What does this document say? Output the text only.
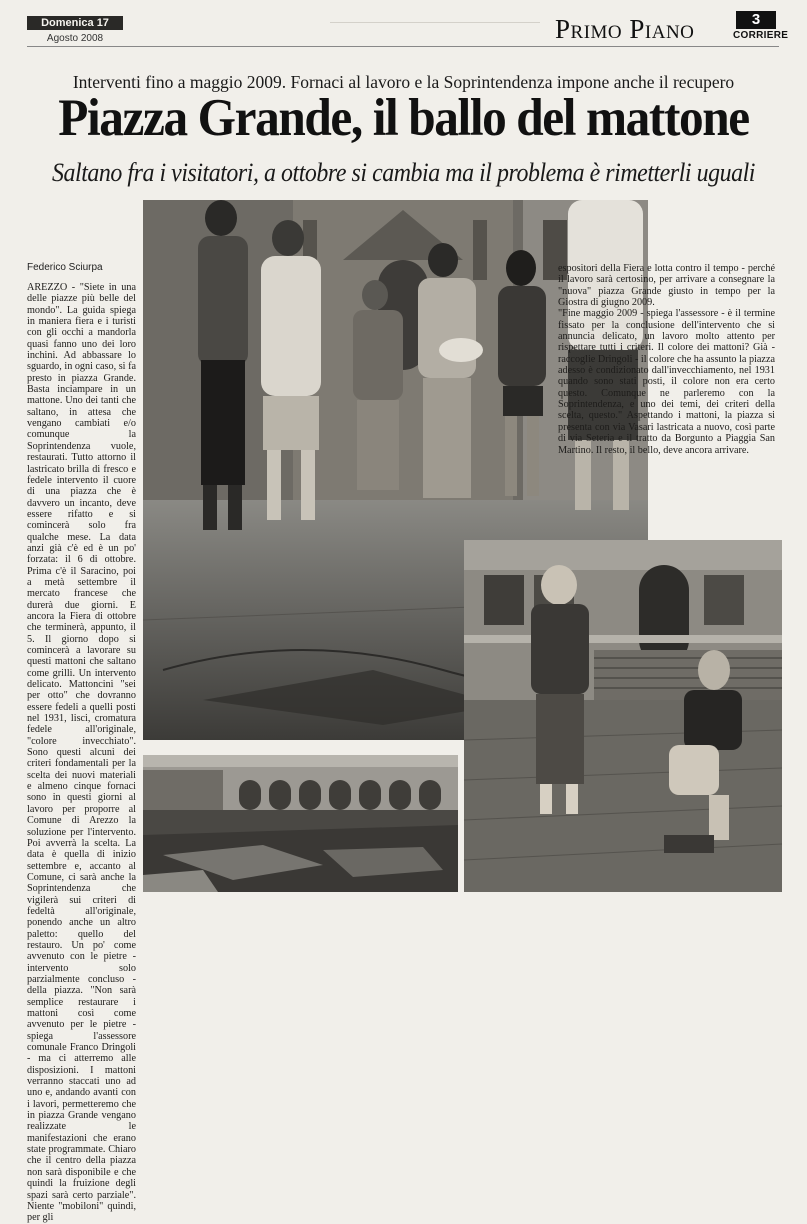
Domenica 17
Agosto 2008	Primo Piano	3
CORRIERE
Interventi fino a maggio 2009. Fornaci al lavoro e la Soprintendenza impone anche il recupero
Piazza Grande, il ballo del mattone
Saltano fra i visitatori, a ottobre si cambia ma il problema è rimetterli uguali

espositori della Fiera e lotta contro il tempo - perché il lavoro sarà certosino, per arrivare a consegnare la "nuova" piazza Grande giusto in tempo per la Giostra di giugno 2009.

"Fine maggio 2009 - spiega l'assessore - è il termine fissato per la conclusione dell'intervento che si annuncia delicato, un lavoro molto attento per rispettare tutti i criteri. Il colore dei mattoni? Già - raccoglie Dringoli - il colore che ha assunto la piazza adesso è condizionato dall'invecchiamento, nel 1931 quando sono stati posti, il colore non era certo questo. Comunque ne parleremo con la Soprintendenza, e uno dei temi, dei criteri della scelta, questo." Aspettando i mattoni, la piazza si presenta con via Vasari lastricata a nuovo, così parte di via Seteria e il tratto da Borgunto a Piaggia San Martino. Il resto, il bello, deve ancora arrivare.

Federico Sciurpa

AREZZO - "Siete in una delle piazze più belle del mondo". La guida spiega in maniera fiera e i turisti con gli occhi a mandorla quasi fanno uno dei loro inchini. Ad abbassare lo sguardo, in ogni caso, si fa presto in piazza Grande. Basta inciampare in un mattone. Uno dei tanti che saltano, in attesa che vengano cambiati e/o comunque la Soprintendenza vuole, restaurati. Tutto attorno il lastricato brilla di fresco e fedele intervento il cuore di una piazza che è davvero un incanto, deve essere rifatto e si comincerà solo fra qualche mese. La data anzi già c'è ed è un po' forzata: il 6 di ottobre. Prima c'è il Saracino, poi a metà settembre il mercato francese che durerà due giorni. E ancora la Fiera di ottobre che terminerà, appunto, il 5. Il giorno dopo si comincerà a lavorare su questi mattoni che saltano come grilli. Un intervento delicato. Mattoncini "sei per otto" che dovranno essere fedeli a quelli posti nel 1931, lisci, cromatura fedele all'originale, "colore invecchiato". Sono questi alcuni dei criteri fondamentali per la scelta dei nuovi materiali e almeno cinque fornaci sono in questi giorni al lavoro per proporre al Comune di Arezzo la soluzione per l'intervento. Poi avverrà la scelta. La data è quella di inizio settembre e, accanto al Comune, ci sarà anche la Soprintendenza che vigilerà sui criteri di fedeltà all'originale, ponendo anche un altro paletto: quello del restauro. Un po' come avvenuto con le pietre - intervento solo parzialmente concluso - della piazza. "Non sarà semplice restaurare i mattoni così come avvenuto per le pietre - spiega l'assessore comunale Franco Dringoli - ma ci atterremo alle disposizioni. I mattoni verranno staccati uno ad uno e, andando avanti con i lavori, permetteremo che in piazza Grande vengano realizzate le manifestazioni che erano state programmate. Chiaro che il centro della piazza non sarà disponibile e che quindi la fruizione degli spazi sarà certo parziale". Niente "mobiloni" quindi, per gli
